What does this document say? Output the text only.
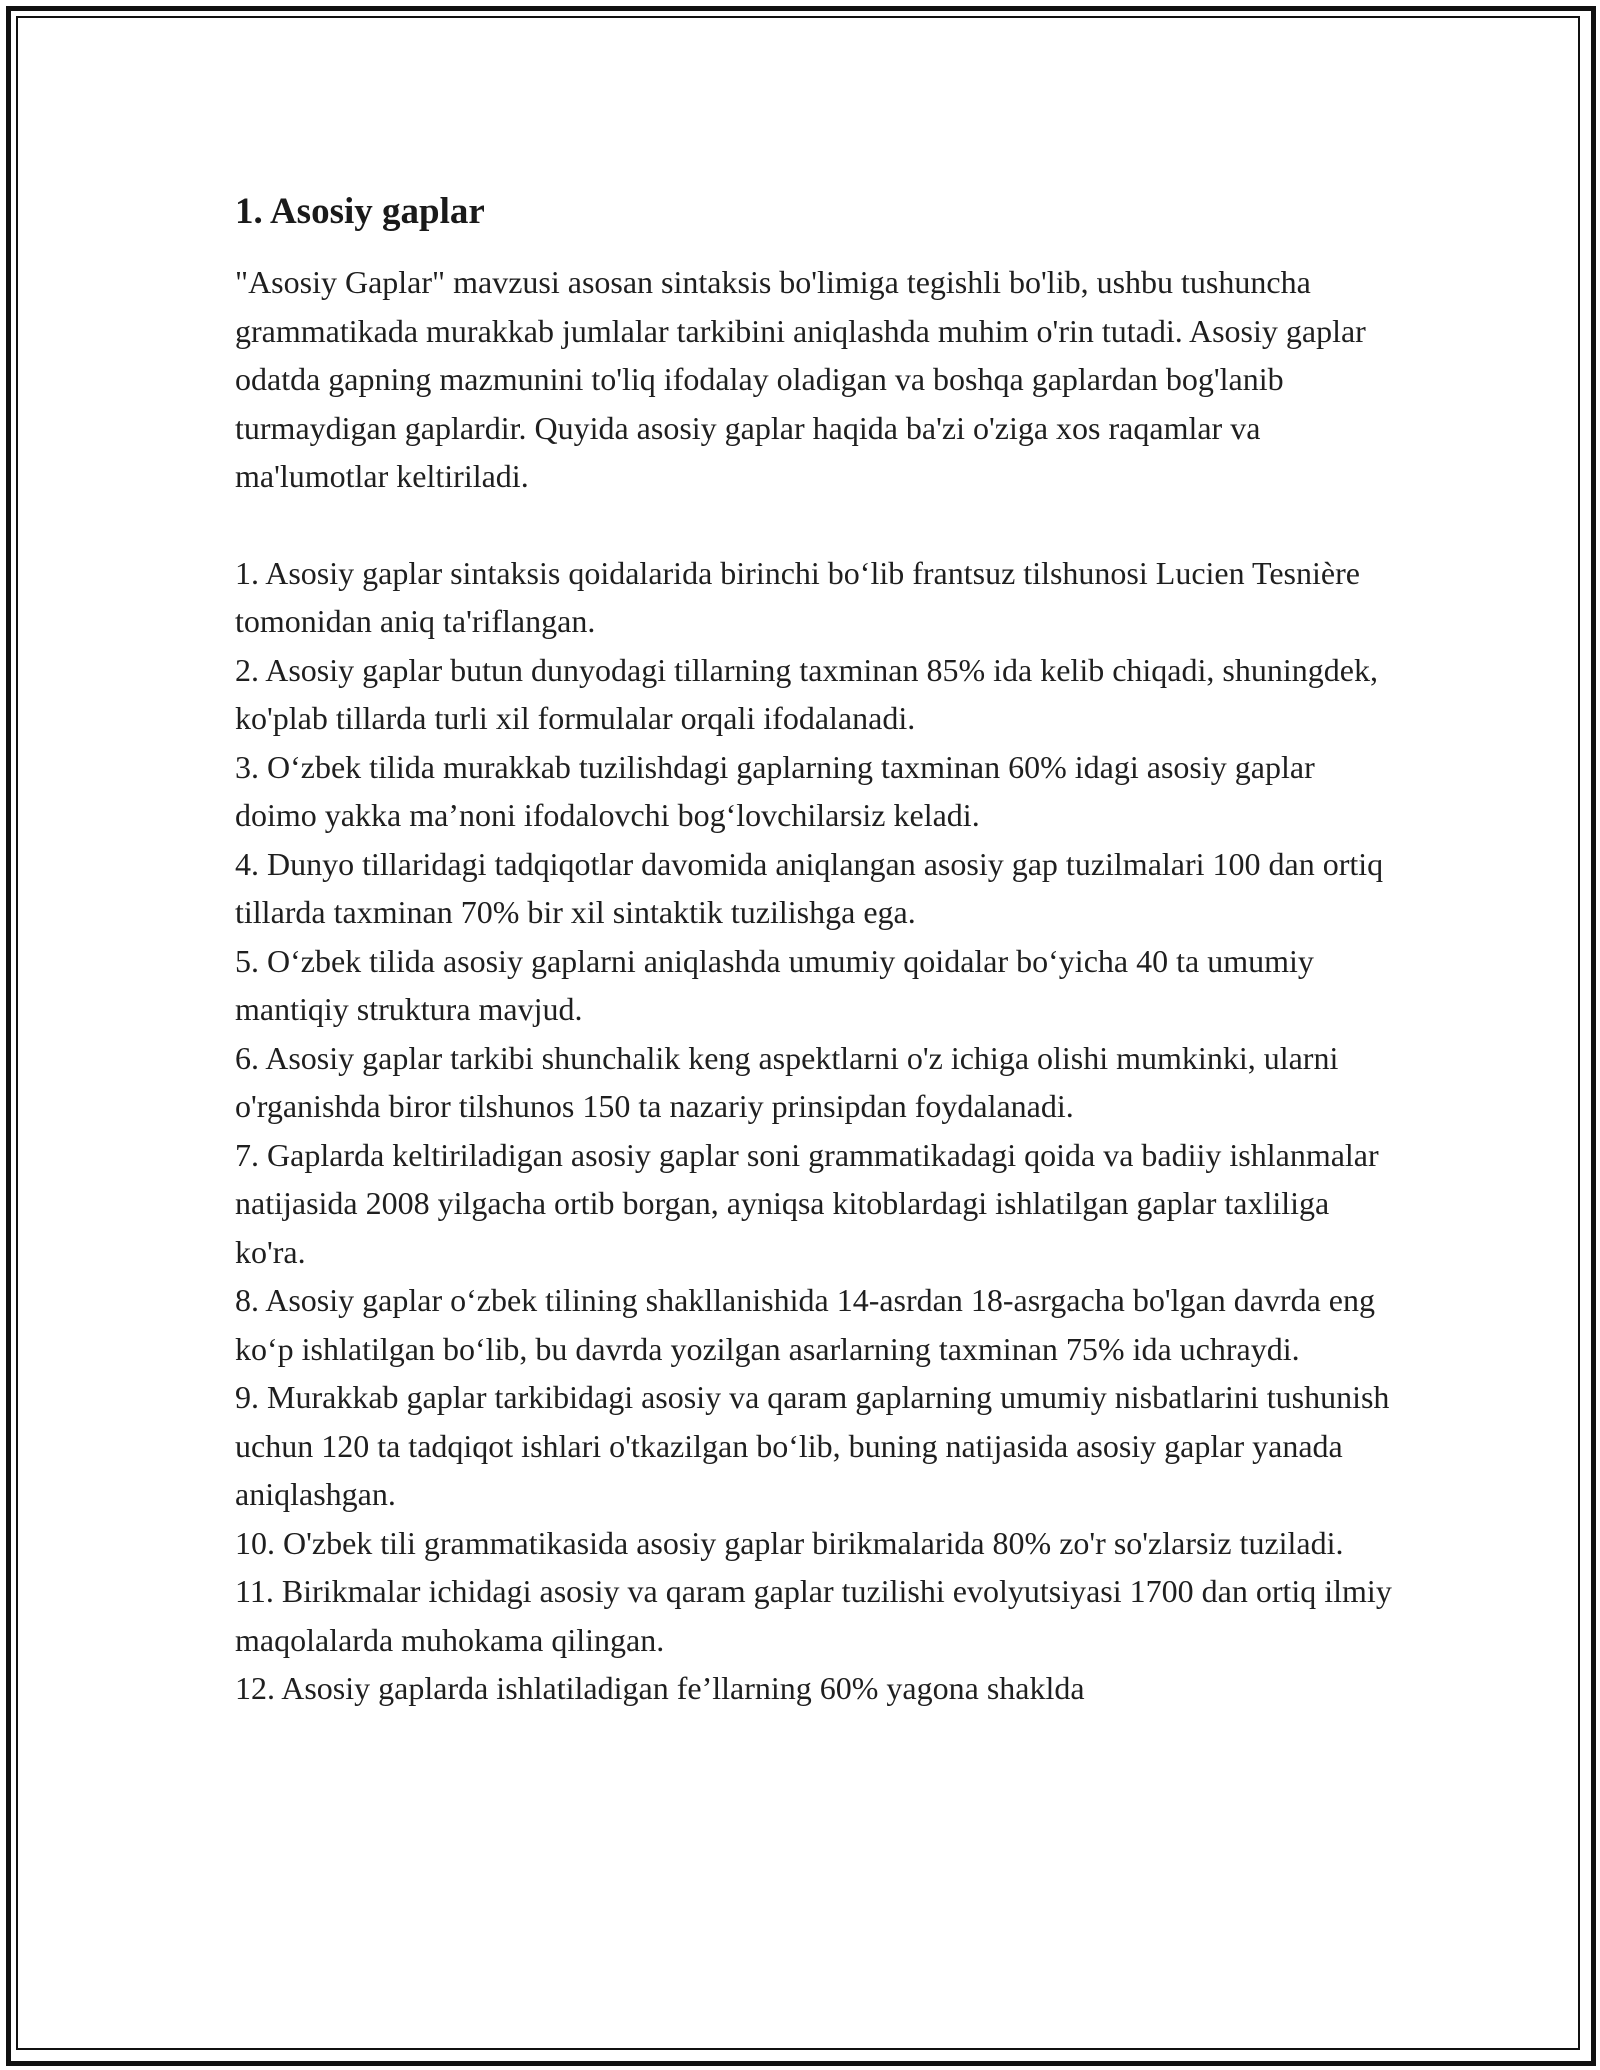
1. Asosiy gaplar

"Asosiy Gaplar" mavzusi asosan sintaksis bo'limiga tegishli bo'lib, ushbu tushuncha grammatikada murakkab jumlalar tarkibini aniqlashda muhim o'rin tutadi. Asosiy gaplar odatda gapning mazmunini to'liq ifodalay oladigan va boshqa gaplardan bog'lanib turmaydigan gaplardir. Quyida asosiy gaplar haqida ba'zi o'ziga xos raqamlar va ma'lumotlar keltiriladi.

1. Asosiy gaplar sintaksis qoidalarida birinchi bo‘lib frantsuz tilshunosi Lucien Tesnière tomonidan aniq ta'riflangan.
2. Asosiy gaplar butun dunyodagi tillarning taxminan 85% ida kelib chiqadi, shuningdek, ko'plab tillarda turli xil formulalar orqali ifodalanadi.
3. O‘zbek tilida murakkab tuzilishdagi gaplarning taxminan 60% idagi asosiy gaplar doimo yakka ma’noni ifodalovchi bog‘lovchilarsiz keladi.
4. Dunyo tillaridagi tadqiqotlar davomida aniqlangan asosiy gap tuzilmalari 100 dan ortiq tillarda taxminan 70% bir xil sintaktik tuzilishga ega.
5. O‘zbek tilida asosiy gaplarni aniqlashda umumiy qoidalar bo‘yicha 40 ta umumiy mantiqiy struktura mavjud.
6. Asosiy gaplar tarkibi shunchalik keng aspektlarni o'z ichiga olishi mumkinki, ularni o'rganishda biror tilshunos 150 ta nazariy prinsipdan foydalanadi.
7. Gaplarda keltiriladigan asosiy gaplar soni grammatikadagi qoida va badiiy ishlanmalar natijasida 2008 yilgacha ortib borgan, ayniqsa kitoblardagi ishlatilgan gaplar taxliliga ko'ra.
8. Asosiy gaplar o‘zbek tilining shakllanishida 14-asrdan 18-asrgacha bo'lgan davrda eng ko‘p ishlatilgan bo‘lib, bu davrda yozilgan asarlarning taxminan 75% ida uchraydi.
9. Murakkab gaplar tarkibidagi asosiy va qaram gaplarning umumiy nisbatlarini tushunish uchun 120 ta tadqiqot ishlari o'tkazilgan bo‘lib, buning natijasida asosiy gaplar yanada aniqlashgan.
10. O'zbek tili grammatikasida asosiy gaplar birikmalarida 80% zo'r so'zlarsiz tuziladi.
11. Birikmalar ichidagi asosiy va qaram gaplar tuzilishi evolyutsiyasi 1700 dan ortiq ilmiy maqolalarda muhokama qilingan.
12. Asosiy gaplarda ishlatiladigan fe’llarning 60% yagona shaklda
